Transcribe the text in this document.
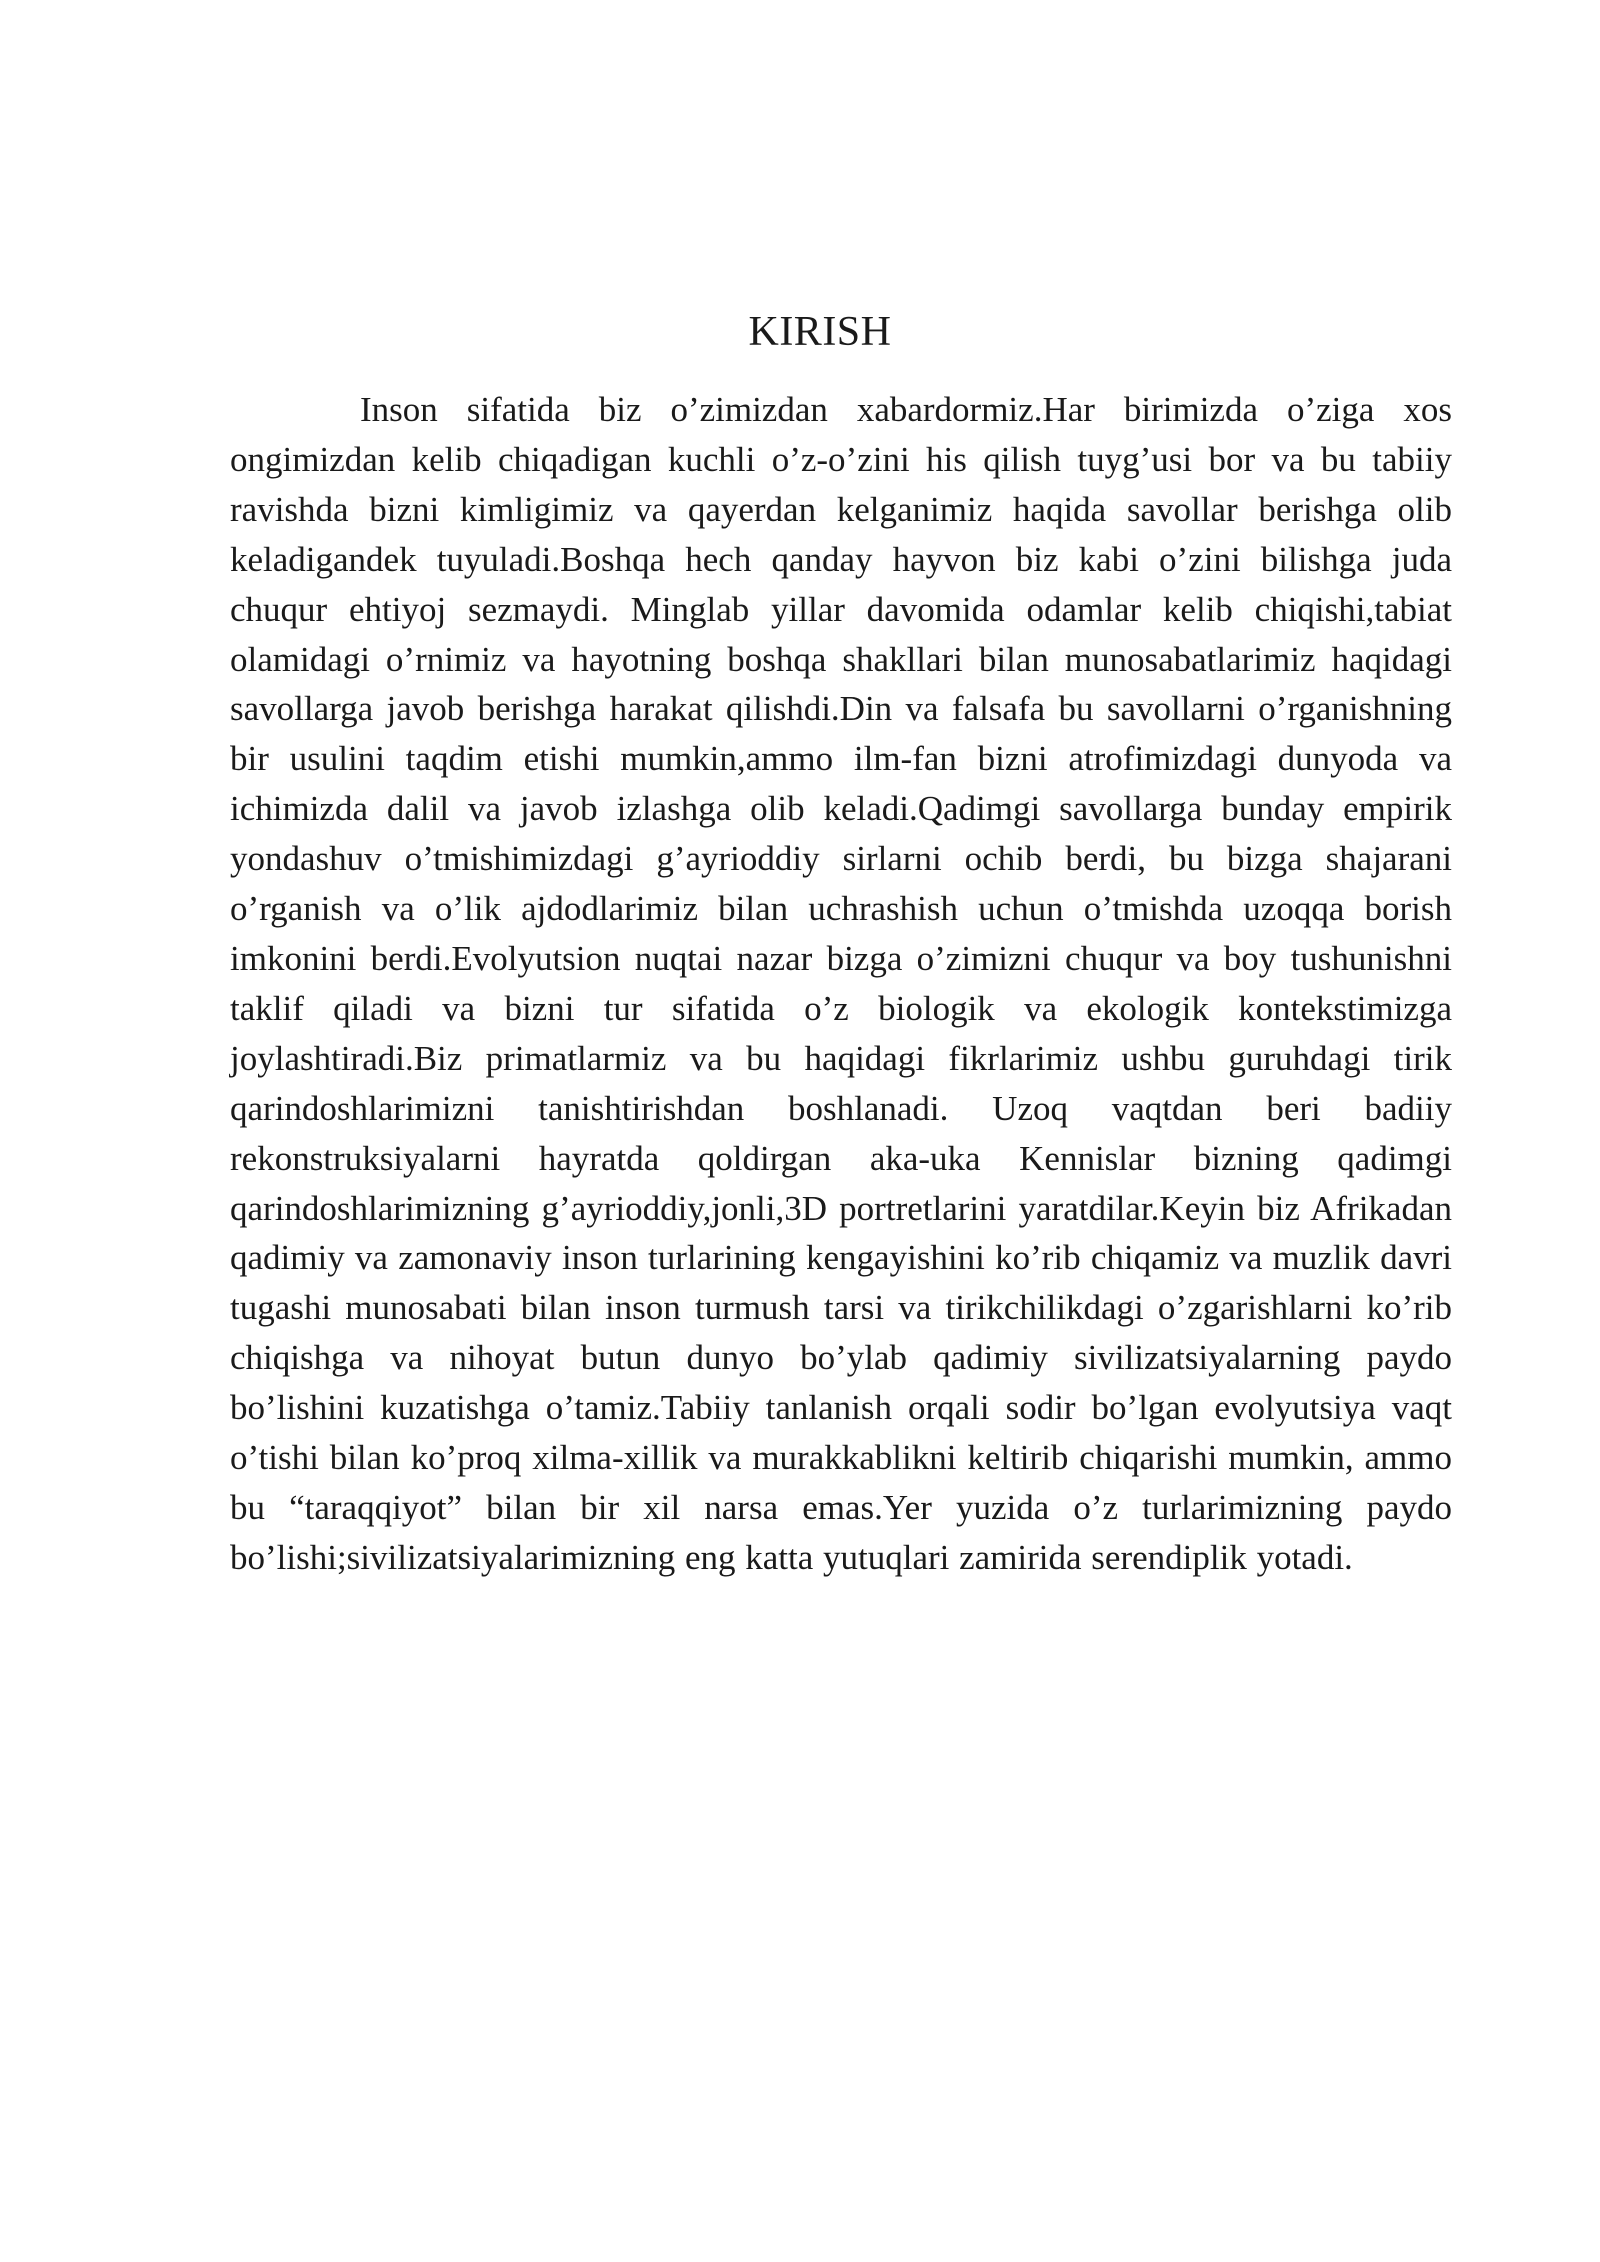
KIRISH

Inson sifatida biz o’zimizdan xabardormiz.Har birimizda o’ziga xos ongimizdan kelib chiqadigan kuchli o’z-o’zini his qilish tuyg’usi bor va bu tabiiy ravishda bizni kimligimiz va qayerdan kelganimiz haqida savollar berishga olib keladigandek tuyuladi.Boshqa hech qanday hayvon biz kabi o’zini bilishga juda chuqur ehtiyoj sezmaydi. Minglab yillar davomida odamlar kelib chiqishi,tabiat olamidagi o’rnimiz va hayotning boshqa shakllari bilan munosabatlarimiz haqidagi savollarga javob berishga harakat qilishdi.Din va falsafa bu savollarni o’rganishning bir usulini taqdim etishi mumkin,ammo ilm-fan bizni atrofimizdagi dunyoda va ichimizda dalil va javob izlashga olib keladi.Qadimgi savollarga bunday empirik yondashuv o’tmishimizdagi g’ayrioddiy sirlarni ochib berdi, bu bizga shajarani o’rganish va o’lik ajdodlarimiz bilan uchrashish uchun o’tmishda uzoqqa borish imkonini berdi.Evolyutsion nuqtai nazar bizga o’zimizni chuqur va boy tushunishni taklif qiladi va bizni tur sifatida o’z biologik va ekologik kontekstimizga joylashtiradi.Biz primatlarmiz va bu haqidagi fikrlarimiz ushbu guruhdagi tirik qarindoshlarimizni tanishtirishdan boshlanadi. Uzoq vaqtdan beri badiiy rekonstruksiyalarni hayratda qoldirgan aka-uka Kennislar bizning qadimgi qarindoshlarimizning g’ayrioddiy,jonli,3D portretlarini yaratdilar.Keyin biz Afrikadan qadimiy va zamonaviy inson turlarining kengayishini ko’rib chiqamiz va muzlik davri tugashi munosabati bilan inson turmush tarsi va tirikchilikdagi o’zgarishlarni ko’rib chiqishga va nihoyat butun dunyo bo’ylab qadimiy sivilizatsiyalarning paydo bo’lishini kuzatishga o’tamiz.Tabiiy tanlanish orqali sodir bo’lgan evolyutsiya vaqt o’tishi bilan ko’proq xilma-xillik va murakkablikni keltirib chiqarishi mumkin, ammo bu “taraqqiyot” bilan bir xil narsa emas.Yer yuzida o’z turlarimizning paydo bo’lishi;sivilizatsiyalarimizning eng katta yutuqlari zamirida serendiplik yotadi.
